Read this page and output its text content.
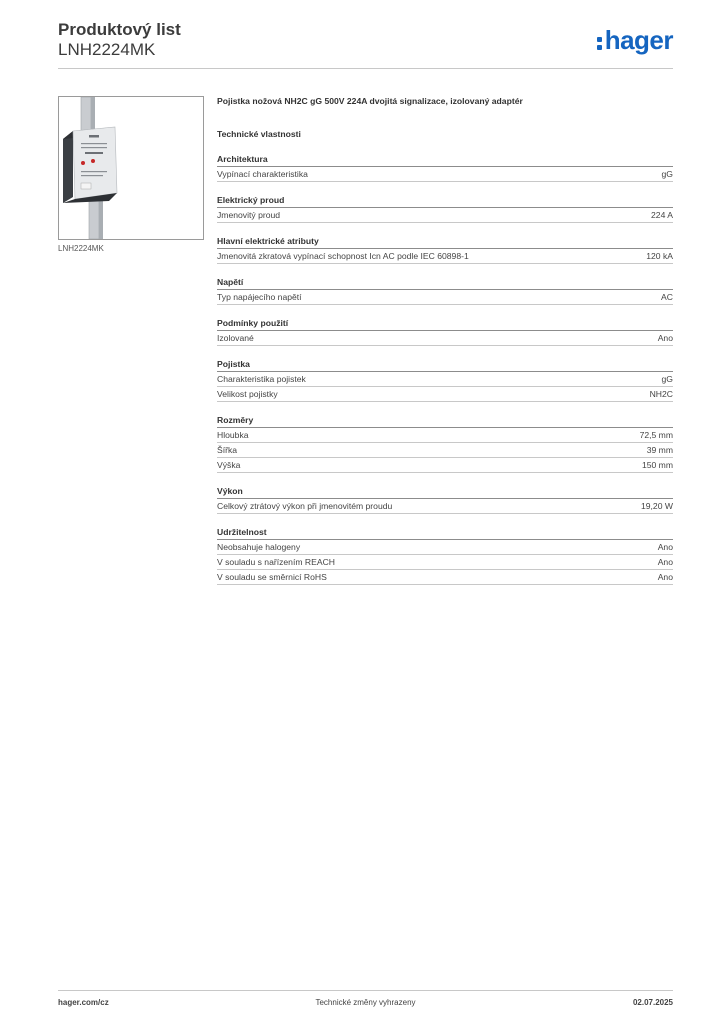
Produktový list
LNH2224MK	hager
LNH2224MK
Pojistka nožová NH2C gG 500V 224A dvojitá signalizace, izolovaný adaptér
Technické vlastnosti
Architektura
Vypínací charakteristika	gG
Elektrický proud
Jmenovitý proud	224 A
Hlavní elektrické atributy
Jmenovitá zkratová vypínací schopnost Icn AC podle IEC 60898-1	120 kA
Napětí
Typ napájecího napětí	AC
Podmínky použití
Izolované	Ano
Pojistka
Charakteristika pojistek	gG
Velikost pojistky	NH2C
Rozměry
Hloubka	72,5 mm
Šířka	39 mm
Výška	150 mm
Výkon
Celkový ztrátový výkon při jmenovitém proudu	19,20 W
Udržitelnost
Neobsahuje halogeny	Ano
V souladu s nařízením REACH	Ano
V souladu se směrnicí RoHS	Ano
hager.com/cz	Technické změny vyhrazeny	02.07.2025
